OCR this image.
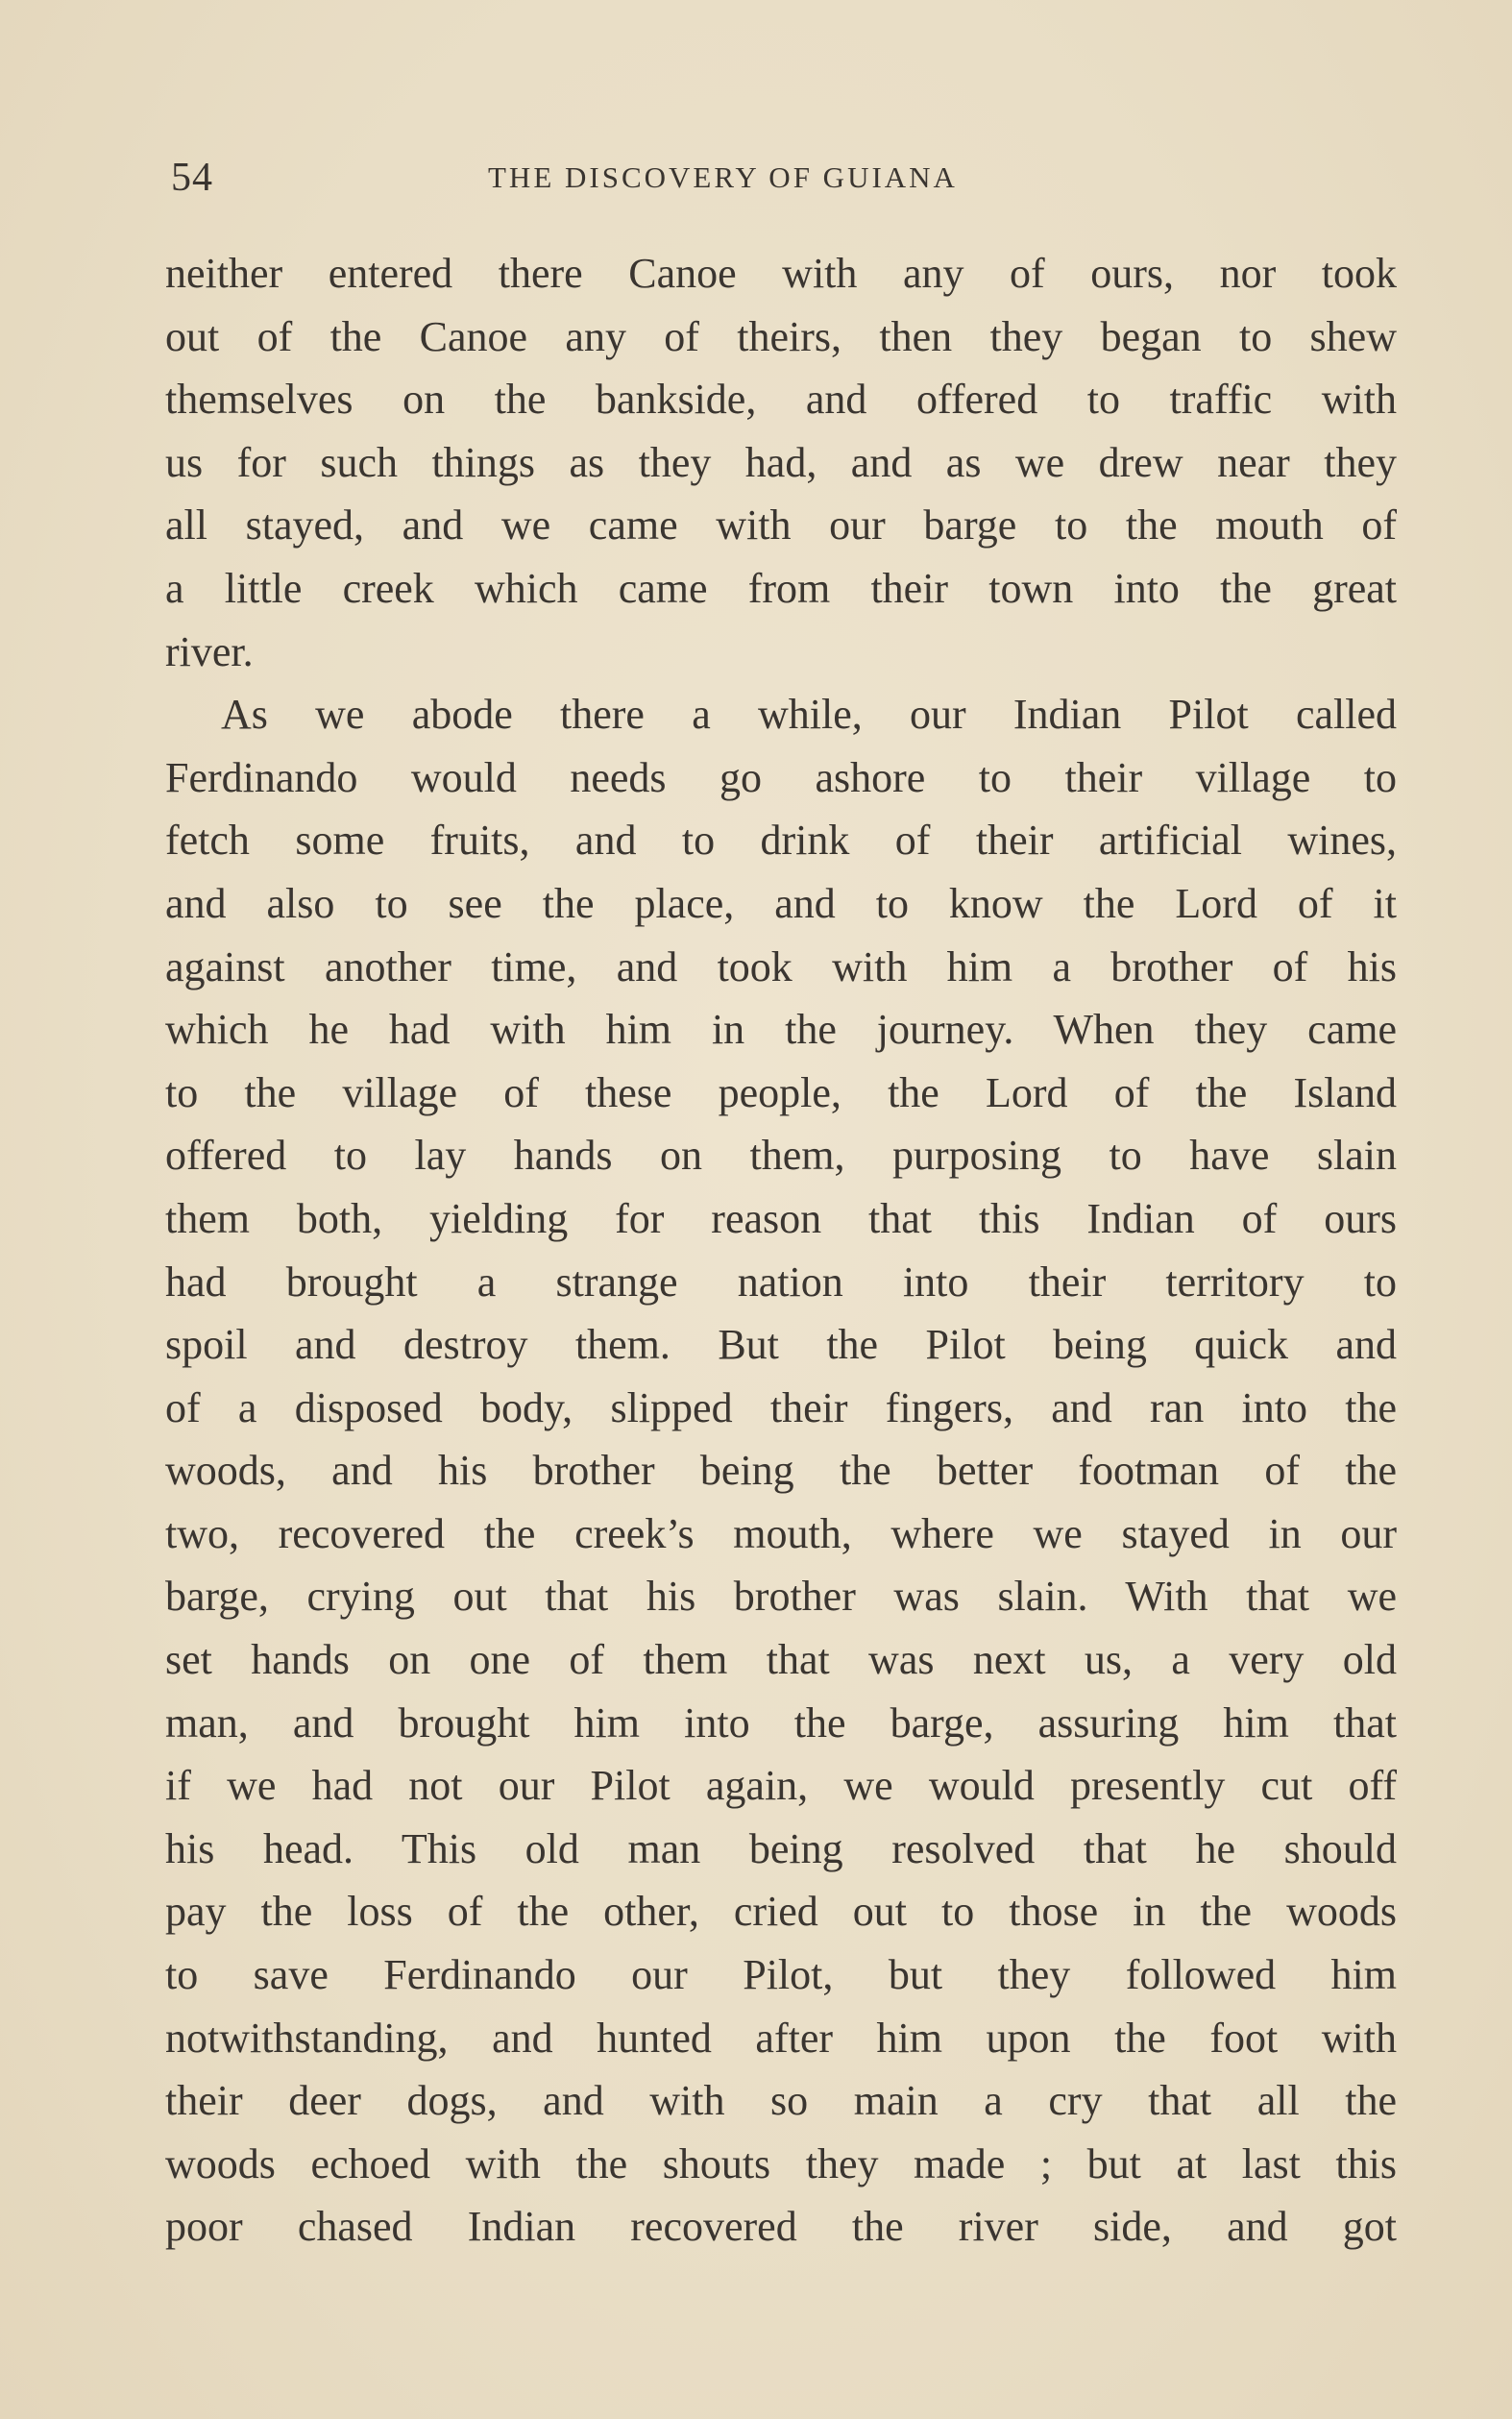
54	THE DISCOVERY OF GUIANA
neither entered there Canoe with any of ours, nor took
out of the Canoe any of theirs, then they began to shew
themselves on the bankside, and offered to traffic with
us for such things as they had, and as we drew near they
all stayed, and we came with our barge to the mouth of
a little creek which came from their town into the great
river.
As we abode there a while, our Indian Pilot called
Ferdinando would needs go ashore to their village to
fetch some fruits, and to drink of their artificial wines,
and also to see the place, and to know the Lord of it
against another time, and took with him a brother of his
which he had with him in the journey. When they came
to the village of these people, the Lord of the Island
offered to lay hands on them, purposing to have slain
them both, yielding for reason that this Indian of ours
had brought a strange nation into their territory to
spoil and destroy them. But the Pilot being quick and
of a disposed body, slipped their fingers, and ran into the
woods, and his brother being the better footman of the
two, recovered the creek’s mouth, where we stayed in our
barge, crying out that his brother was slain. With that we
set hands on one of them that was next us, a very old
man, and brought him into the barge, assuring him that
if we had not our Pilot again, we would presently cut off
his head. This old man being resolved that he should
pay the loss of the other, cried out to those in the woods
to save Ferdinando our Pilot, but they followed him
notwithstanding, and hunted after him upon the foot with
their deer dogs, and with so main a cry that all the
woods echoed with the shouts they made ; but at last this
poor chased Indian recovered the river side, and got
